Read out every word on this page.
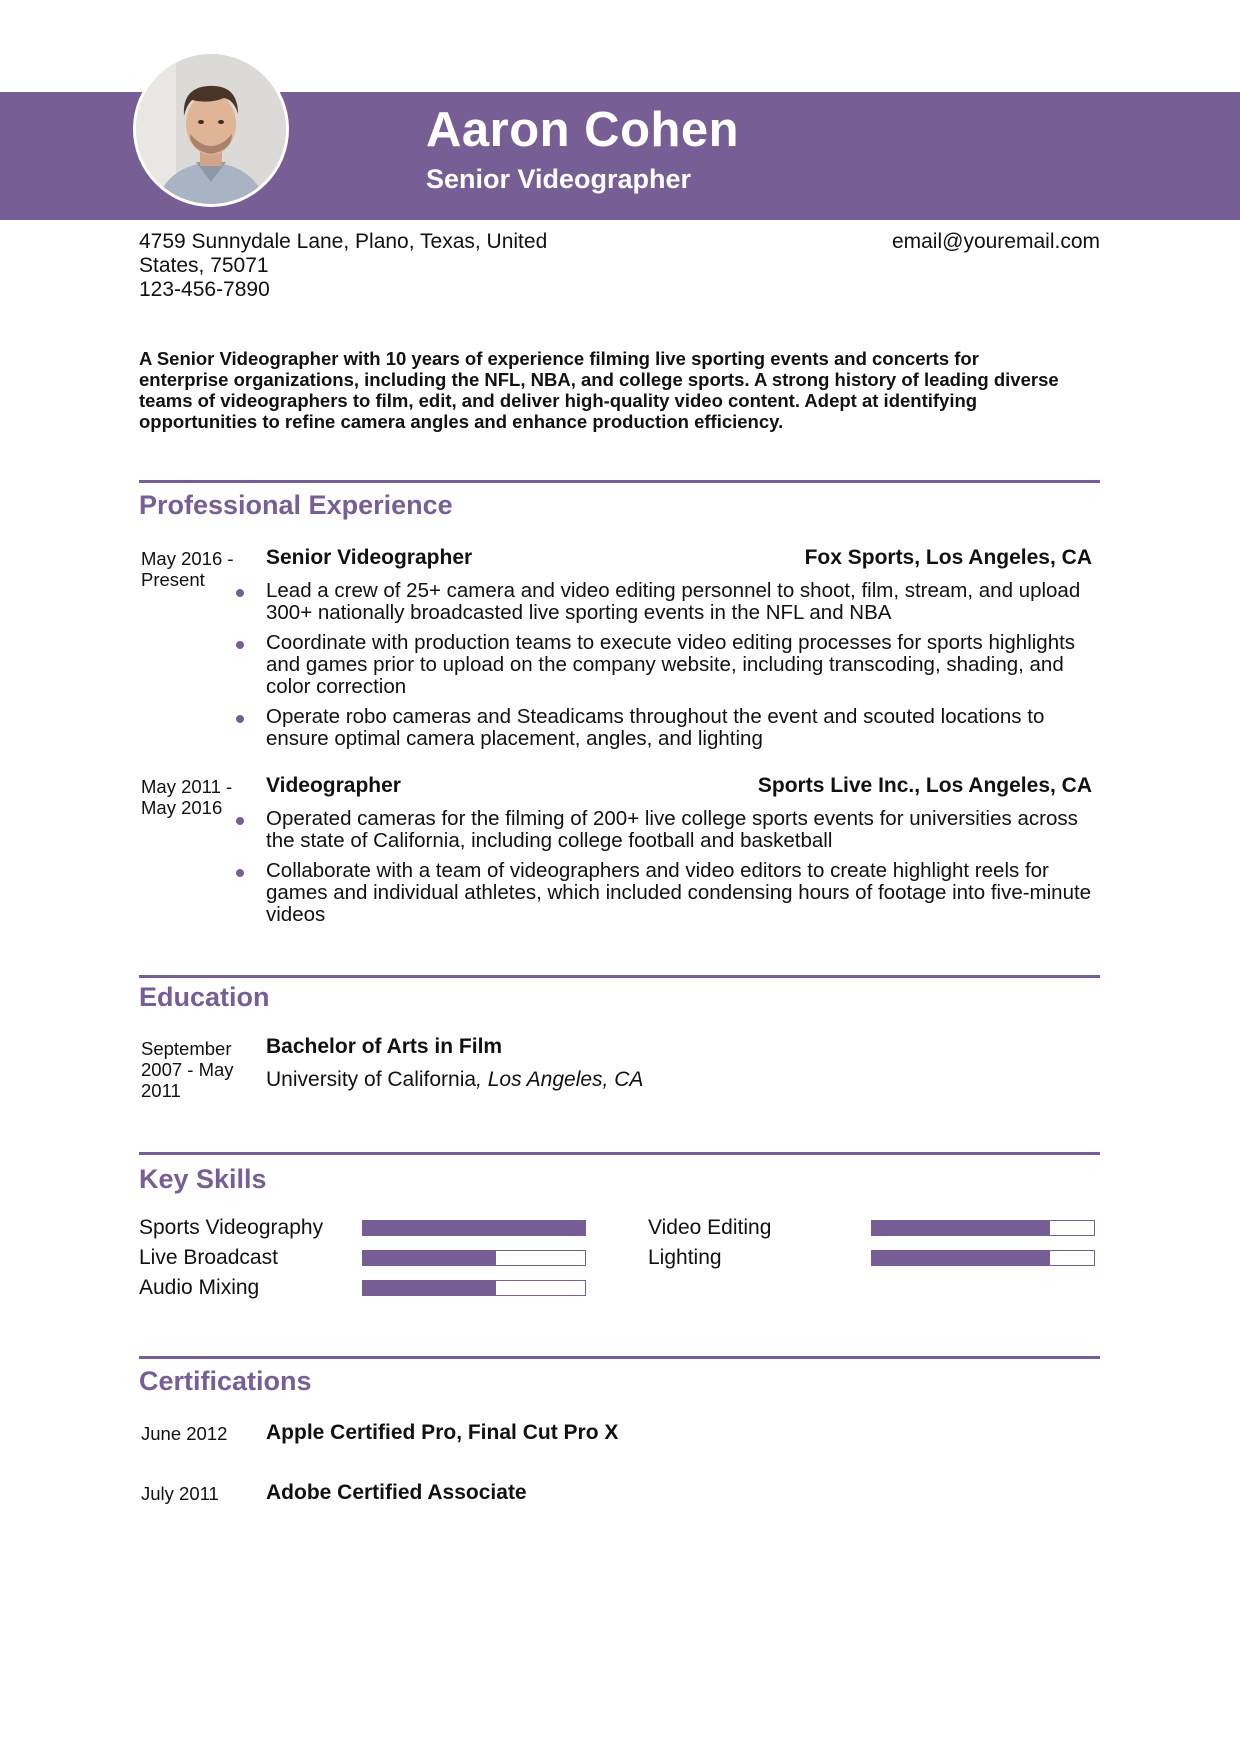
Aaron Cohen
Senior Videographer
4759 Sunnydale Lane, Plano, Texas, United States, 75071
123-456-7890
email@youremail.com
A Senior Videographer with 10 years of experience filming live sporting events and concerts for enterprise organizations, including the NFL, NBA, and college sports. A strong history of leading diverse teams of videographers to film, edit, and deliver high-quality video content. Adept at identifying opportunities to refine camera angles and enhance production efficiency.
Professional Experience
May 2016 - Present
Senior Videographer	Fox Sports, Los Angeles, CA
Lead a crew of 25+ camera and video editing personnel to shoot, film, stream, and upload 300+ nationally broadcasted live sporting events in the NFL and NBA
Coordinate with production teams to execute video editing processes for sports highlights and games prior to upload on the company website, including transcoding, shading, and color correction
Operate robo cameras and Steadicams throughout the event and scouted locations to ensure optimal camera placement, angles, and lighting
May 2011 - May 2016
Videographer	Sports Live Inc., Los Angeles, CA
Operated cameras for the filming of 200+ live college sports events for universities across the state of California, including college football and basketball
Collaborate with a team of videographers and video editors to create highlight reels for games and individual athletes, which included condensing hours of footage into five-minute videos
Education
September 2007 - May 2011
Bachelor of Arts in Film
University of California, Los Angeles, CA
Key Skills
Sports Videography	Video Editing
Live Broadcast	Lighting
Audio Mixing
Certifications
June 2012 Apple Certified Pro, Final Cut Pro X
July 2011 Adobe Certified Associate
